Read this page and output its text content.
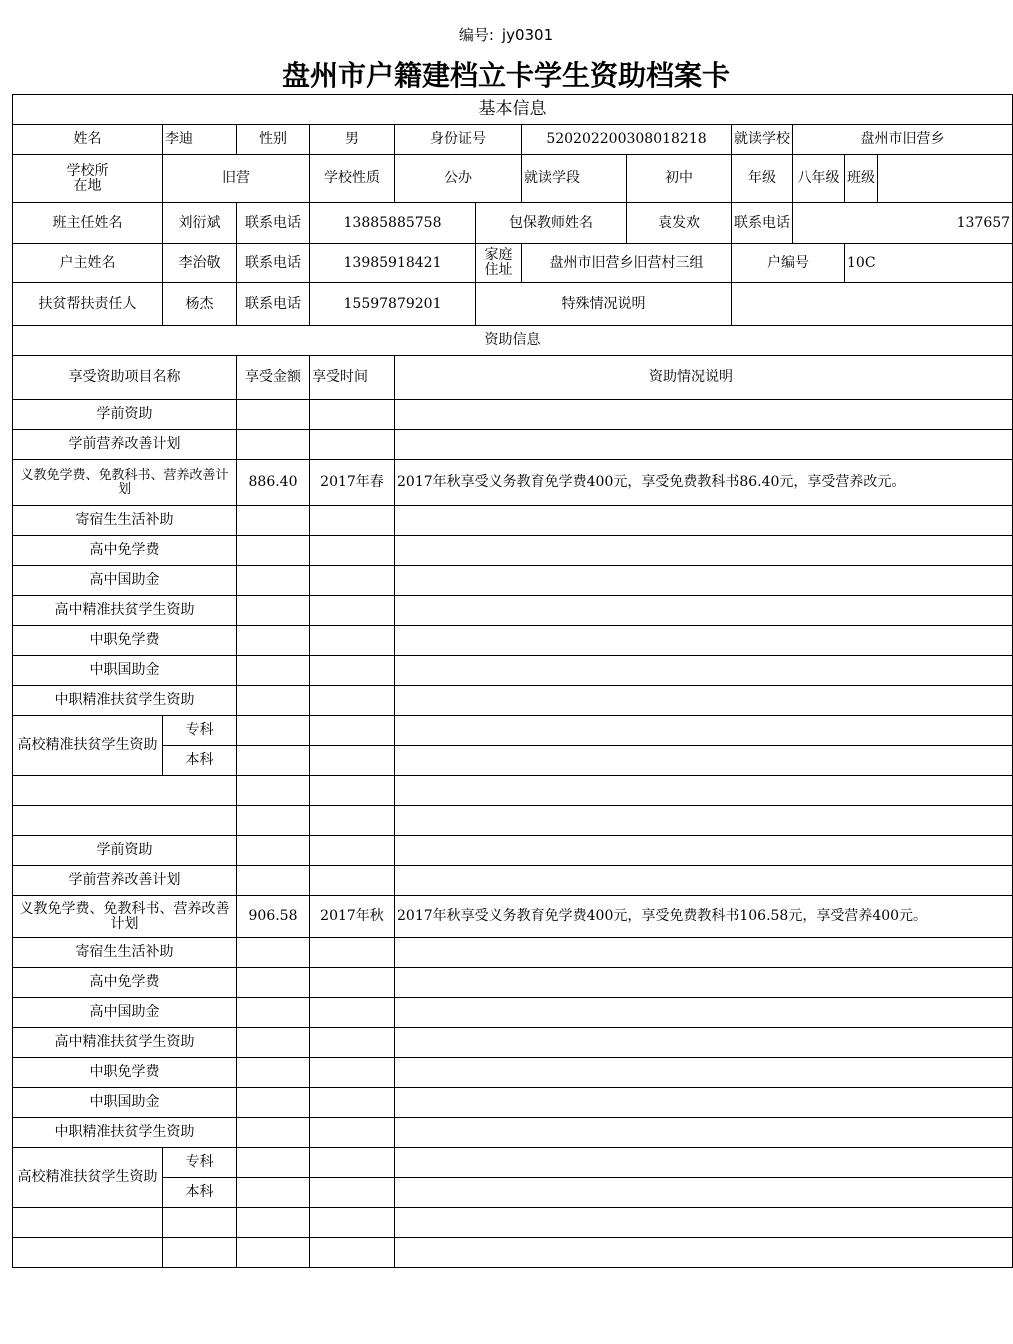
编号: jy0301
盘州市户籍建档立卡学生资助档案卡
基本信息											
姓名	李迪	性别	男	身份证号		520202200308018218		就读学校	盘州市旧营乡		
学校所在地	旧营		学校性质	公办		就读学段	初中	年级	八年级	班级	
班主任姓名	刘衍斌	联系电话	13885885758		包保教师姓名		袁发欢	联系电话	137657		
户主姓名	李治敬	联系电话	13985918421		家庭住址	盘州市旧营乡旧营村三组		户编号		10C	
扶贫帮扶责任人	杨杰	联系电话	15597879201		特殊情况说明						
资助信息											
享受资助项目名称		享受金额	享受时间	资助情况说明							
学前资助											
学前营养改善计划											
义教免学费、免教科书、营养改善计划		886.40	2017年春	2017年秋享受义务教育免学费400元，享受免费教科书86.40元，享受营养改元。							
寄宿生生活补助											
高中免学费											
高中国助金											
高中精准扶贫学生资助											
中职免学费											
中职国助金											
中职精准扶贫学生资助											
高校精准扶贫学生资助	专科										
	本科										

学前资助											
学前营养改善计划											
义教免学费、免教科书、营养改善计划		906.58	2017年秋	2017年秋享受义务教育免学费400元，享受免费教科书106.58元，享受营养400元。							
寄宿生生活补助											
高中免学费											
高中国助金											
高中精准扶贫学生资助											
中职免学费											
中职国助金											
中职精准扶贫学生资助											
高校精准扶贫学生资助	专科										
	本科										
